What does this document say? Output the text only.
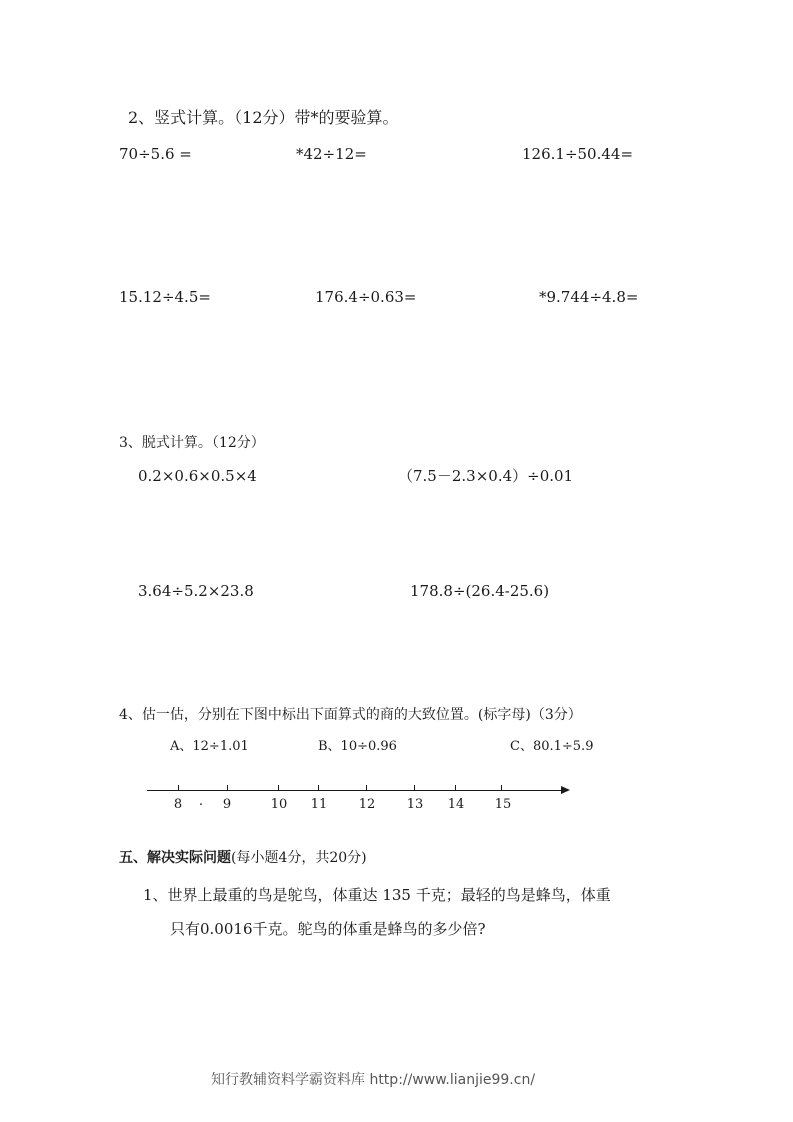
2、竖式计算。（12分）带*的要验算。
70÷5.6 =	*42÷12=	126.1÷50.44=
15.12÷4.5=	176.4÷0.63=	*9.744÷4.8=
3、脱式计算。（12分）
0.2×0.6×0.5×4	（7.5－2.3×0.4）÷0.01
3.64÷5.2×23.8	178.8÷(26.4-25.6)
4、估一估，分别在下图中标出下面算式的商的大致位置。(标字母)（3分）
A、12÷1.01	B、10÷0.96	C、80.1÷5.9
8 . 9	10 11 12 13 14 15
五、解决实际问题(每小题4分，共20分)
1、世界上最重的鸟是鸵鸟，体重达 135 千克；最轻的鸟是蜂鸟，体重
只有0.0016千克。鸵鸟的体重是蜂鸟的多少倍?
知行教辅资料学霸资料库 http://www.lianjie99.cn/
